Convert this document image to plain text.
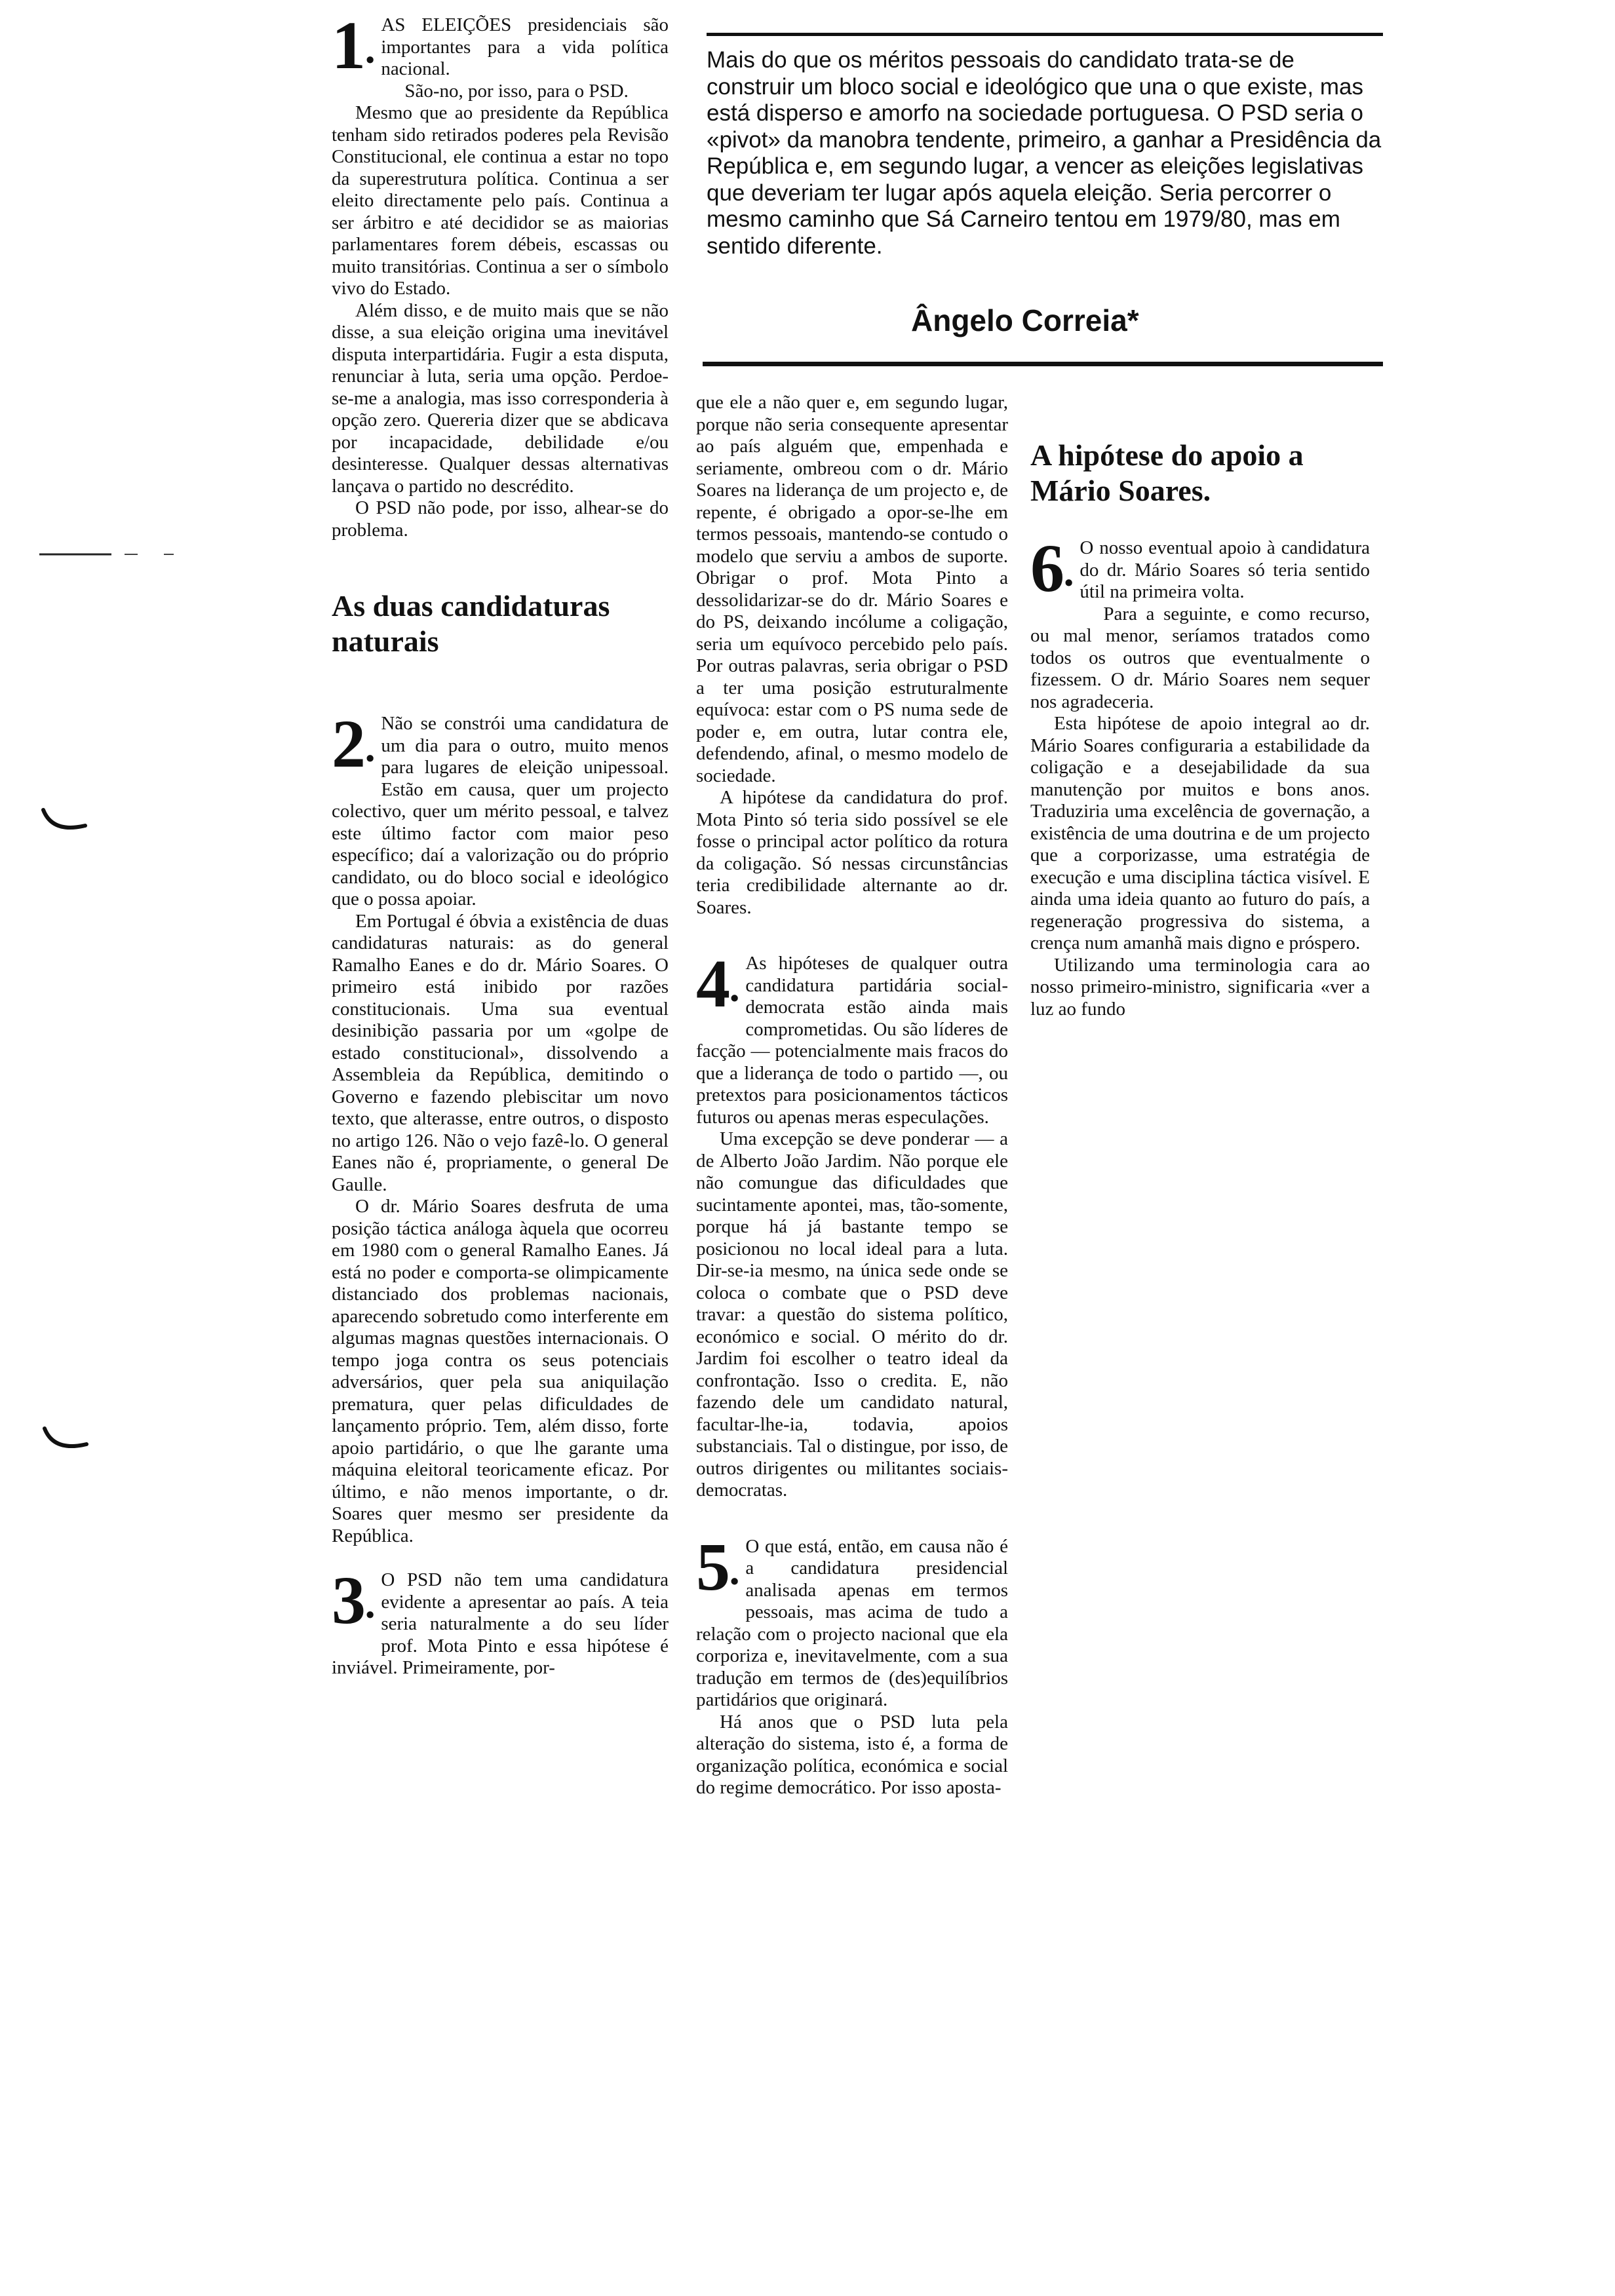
1•

AS ELEIÇÕES presidenciais são importantes para a vida política nacional.

São-no, por isso, para o PSD.

Mesmo que ao presidente da República tenham sido retirados poderes pela Revisão Constitucional, ele continua a estar no topo da superestrutura política. Continua a ser eleito directamente pelo país. Continua a ser árbitro e até decididor se as maiorias parlamentares forem débeis, escassas ou muito transitórias. Continua a ser o símbolo vivo do Estado.

Além disso, e de muito mais que se não disse, a sua eleição origina uma inevitável disputa interpartidária. Fugir a esta disputa, renunciar à luta, seria uma opção. Perdoe-se-me a analogia, mas isso corresponderia à opção zero. Quereria dizer que se abdicava por incapacidade, debilidade e/ou desinteresse. Qualquer dessas alternativas lançava o partido no descrédito.

O PSD não pode, por isso, alhear-se do problema.

As duas candidaturas naturais
2•

Não se constrói uma candidatura de um dia para o outro, muito menos para lugares de eleição unipessoal. Estão em causa, quer um projecto colectivo, quer um mérito pessoal, e talvez este último factor com maior peso específico; daí a valorização ou do próprio candidato, ou do bloco social e ideológico que o possa apoiar.

Em Portugal é óbvia a existência de duas candidaturas naturais: as do general Ramalho Eanes e do dr. Mário Soares. O primeiro está inibido por razões constitucionais. Uma sua eventual desinibição passaria por um «golpe de estado constitucional», dissolvendo a Assembleia da República, demitindo o Governo e fazendo plebiscitar um novo texto, que alterasse, entre outros, o disposto no artigo 126. Não o vejo fazê-lo. O general Eanes não é, propriamente, o general De Gaulle.

O dr. Mário Soares desfruta de uma posição táctica análoga àquela que ocorreu em 1980 com o general Ramalho Eanes. Já está no poder e comporta-se olimpicamente distanciado dos problemas nacionais, aparecendo sobretudo como interferente em algumas magnas questões internacionais. O tempo joga contra os seus potenciais adversários, quer pela sua aniquilação prematura, quer pelas dificuldades de lançamento próprio. Tem, além disso, forte apoio partidário, o que lhe garante uma máquina eleitoral teoricamente eficaz. Por último, e não menos importante, o dr. Soares quer mesmo ser presidente da República.

3•

O PSD não tem uma candidatura evidente a apresentar ao país. A teia seria naturalmente a do seu líder prof. Mota Pinto e essa hipótese é inviável. Primeiramente, por-

Mais do que os méritos pessoais do candidato trata-se de construir um bloco social e ideológico que una o que existe, mas está disperso e amorfo na sociedade portuguesa. O PSD seria o «pivot» da manobra tendente, primeiro, a ganhar a Presidência da República e, em segundo lugar, a vencer as eleições legislativas que deveriam ter lugar após aquela eleição. Seria percorrer o mesmo caminho que Sá Carneiro tentou em 1979/80, mas em sentido diferente.
Ângelo Correia*

que ele a não quer e, em segundo lugar, porque não seria consequente apresentar ao país alguém que, empenhada e seriamente, ombreou com o dr. Mário Soares na liderança de um projecto e, de repente, é obrigado a opor-se-lhe em termos pessoais, mantendo-se contudo o modelo que serviu a ambos de suporte. Obrigar o prof. Mota Pinto a dessolidarizar-se do dr. Mário Soares e do PS, deixando incólume a coligação, seria um equívoco percebido pelo país. Por outras palavras, seria obrigar o PSD a ter uma posição estruturalmente equívoca: estar com o PS numa sede de poder e, em outra, lutar contra ele, defendendo, afinal, o mesmo modelo de sociedade.

A hipótese da candidatura do prof. Mota Pinto só teria sido possível se ele fosse o principal actor político da rotura da coligação. Só nessas circunstâncias teria credibilidade alternante ao dr. Soares.

4•

As hipóteses de qualquer outra candidatura partidária social-democrata estão ainda mais comprometidas. Ou são líderes de facção — potencialmente mais fracos do que a liderança de todo o partido —, ou pretextos para posicionamentos tácticos futuros ou apenas meras especulações.

Uma excepção se deve ponderar — a de Alberto João Jardim. Não porque ele não comungue das dificuldades que sucintamente apontei, mas, tão-somente, porque há já bastante tempo se posicionou no local ideal para a luta. Dir-se-ia mesmo, na única sede onde se coloca o combate que o PSD deve travar: a questão do sistema político, económico e social. O mérito do dr. Jardim foi escolher o teatro ideal da confrontação. Isso o credita. E, não fazendo dele um candidato natural, facultar-lhe-ia, todavia, apoios substanciais. Tal o distingue, por isso, de outros dirigentes ou militantes sociais-democratas.

5•

O que está, então, em causa não é a candidatura presidencial analisada apenas em termos pessoais, mas acima de tudo a relação com o projecto nacional que ela corporiza e, inevitavelmente, com a sua tradução em termos de (des)equilíbrios partidários que originará.

Há anos que o PSD luta pela alteração do sistema, isto é, a forma de organização política, económica e social do regime democrático. Por isso aposta-

A hipótese do apoio a Mário Soares.
6•

O nosso eventual apoio à candidatura do dr. Mário Soares só teria sentido útil na primeira volta.

Para a seguinte, e como recurso, ou mal menor, seríamos tratados como todos os outros que eventualmente o fizessem. O dr. Mário Soares nem sequer nos agradeceria.

Esta hipótese de apoio integral ao dr. Mário Soares configuraria a estabilidade da coligação e a desejabilidade da sua manutenção por muitos e bons anos. Traduziria uma excelência de governação, a existência de uma doutrina e de um projecto que a corporizasse, uma estratégia de execução e uma disciplina táctica visível. E ainda uma ideia quanto ao futuro do país, a regeneração progressiva do sistema, a crença num amanhã mais digno e próspero.

Utilizando uma terminologia cara ao nosso primeiro-ministro, significaria «ver a luz ao fundo
